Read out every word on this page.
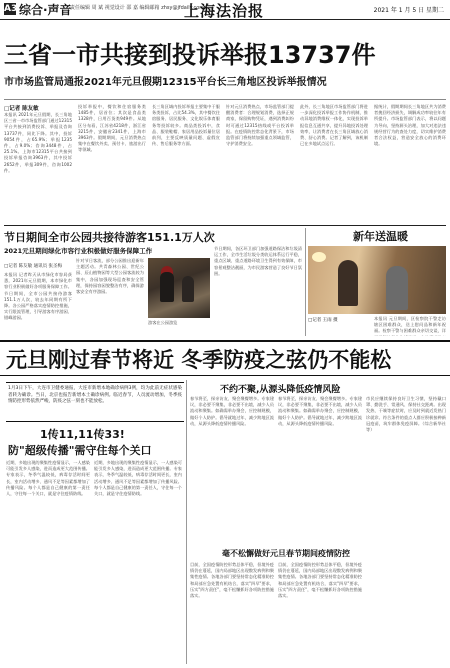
A3 综合·声音
责任编辑 周 斌 视觉设计 邵 嘉 编辑邮箱 zhsy@jfdaily.com
上海法治报	2021 年 1 月 5 日 星期二
三省一市共接到投诉举报13737件
市市场监管局通报2021年元旦假期12315平台长三角地区投诉举报情况
□记者 陈友敏
本报讯 2021年元旦假期，长三角地区三省一市市场监管部门通过12315平台共接到消费投诉、举报及咨询13737件，同比下降。其中，投诉9054件，占65.9%；举报1235件，占9.0%；咨询3448件，占25.1%。上海市12315平台共接到投诉举报咨询3963件，其中投诉2652件，举报309件，咨询1002件。
投诉举报中，餐饮和住宿服务类1485件，居首位；其次是食品类1328件，日用百货类949件。从地区分布看，江苏省4218件，浙江省3215件，安徽省2341件，上海市3963件。假期期间，元旦消费热点集中在餐饮外卖、预付卡、旅游出行等领域。
长三角区域内投诉举报主要集中于服务类投诉，占比54.3%，其中餐饮住宿服务、居民服务、文化娱乐体育服务等投诉较多。商品类投诉中，食品、服装鞋帽、家居用品投诉量位居前列，主要反映质量问题、虚假宣传、售后服务等方面。
针对元旦消费热点，市场监管部门提醒消费者：合理规划消费，选择正规商家，保留购物凭证，遇到消费纠纷时可通过12315热线或平台投诉举报。在疫情防控常态化背景下，市场监管部门将持续加强重点领域监管，守护消费安全。
此外，长三角地区市场监管部门将进一步深化投诉举报工作协作机制，推动异地消费维权一体化，实现投诉举报信息互通共享，提升异地投诉处理效率，让消费者在长三角区域放心消费、舒心消费。记者了解到，该机制已在多地试点运行。
据统计，假期期间长三角地区共为消费者挽回经济损失，调解成功率较往年有所提升。市场监管部门表示，将以问题为导向，坚持源头治理，加大对违法违规经营行为的查处力度，切实维护消费者合法权益，营造安全放心的消费环境。
节日期间全市公园共接待游客151.1万人次
2021元旦期间绿化市容行业积极做好服务保障工作
□记者 陈友敏 通讯员 张圣梅
本报讯 记者昨天从市绿化市容局获悉，2021年元旦假期，本市绿化市容行业积极做好各项服务保障工作。节日期间，全市公园共接待游客151.1万人次，较去年同期有所下降。各公园严格落实疫情防控措施，实行限流管理，引导游客有序游园、错峰游园。
针对节日客流，部分公园推出迎新年主题活动。共青森林公园、世纪公园、辰山植物园等大型公园客流较为集中，各园加强现场巡查和安全管理，保持园容园貌整洁有序，确保游客安全有序游园。
游客在公园游览
节日期间，各区环卫部门加强道路保洁和垃圾清运工作，全市生活垃圾分类收运体系运行平稳，重点区域、重点道路环境卫生得到有效保障，市容景观整洁靓丽，为市民游客营造了良好节日氛围。
新年送温暖
□记者 王雨 摄	本报讯 元旦期间，区检察院干警走访辖区困难群众，送上慰问品和新年祝福。检察干警与困难群众亲切交谈，详
元旦刚过春节将近 冬季防疫之弦仍不能松
1月3日下午，大连市卫健委通报，大连市新增本地确诊病例3例，均为此前无症状感染者转为确诊。当日，北京也报告新增本土确诊病例。临近春节，人员流动增加，冬季疫情防控形势依然严峻，防疫之弦一刻也不能放松。
1传11,11传33!
防"超级传播"需守住每个关口
近期，多地出现的聚集性疫情显示，一人感染可能引发多人感染，进而造成更大范围传播。专家表示，冬季气温较低，病毒存活时间更长，室内活动增多、通风不足等因素都增加了传播风险。每个人都是自己健康的第一责任人，守住每一个关口，就是守住疫情防线。
近期，多地出现的聚集性疫情显示，一人感染可能引发多人感染，进而造成更大范围传播。专家表示，冬季气温较低，病毒存活时间更长，室内活动增多、通风不足等因素都增加了传播风险。每个人都是自己健康的第一责任人，守住每一个关口，就是守住疫情防线。
不约不聚,从源头降低疫情风险
春节将至，探亲访友、聚会聚餐增多。专家建议，非必要不聚集，非必要不出境，减少人员流动和聚集。如确需举办聚会，应控制规模，做好个人防护。倡导就地过年，减少跨地区流动，从源头降低疫情传播风险。
春节将至，探亲访友、聚会聚餐增多。专家建议，非必要不聚集，非必要不出境，减少人员流动和聚集。如确需举办聚会，应控制规模，做好个人防护。倡导就地过年，减少跨地区流动，从源头降低疫情传播风险。
毫不松懈做好元旦春节期间疫情防控
目前，全国疫情防控形势总体平稳，但境外疫情仍在蔓延，国内局部地区出现散发病例和聚集性疫情。各地各部门要坚持常态化精准防控和局部应急处置有机结合，落实"四早"要求，压实"四方责任"，毫不松懈抓好各项防控措施落实。
目前，全国疫情防控形势总体平稳，但境外疫情仍在蔓延，国内局部地区出现散发病例和聚集性疫情。各地各部门要坚持常态化精准防控和局部应急处置有机结合，落实"四早"要求，压实"四方责任"，毫不松懈抓好各项防控措施落实。
市民应继续保持良好卫生习惯，坚持戴口罩、勤洗手、常通风、保持社交距离。出现发热、干咳等症状时，应及时到就近发热门诊就诊。符合条件的重点人群应积极接种新冠疫苗，筑牢群体免疫屏障。（综合新华社等）
